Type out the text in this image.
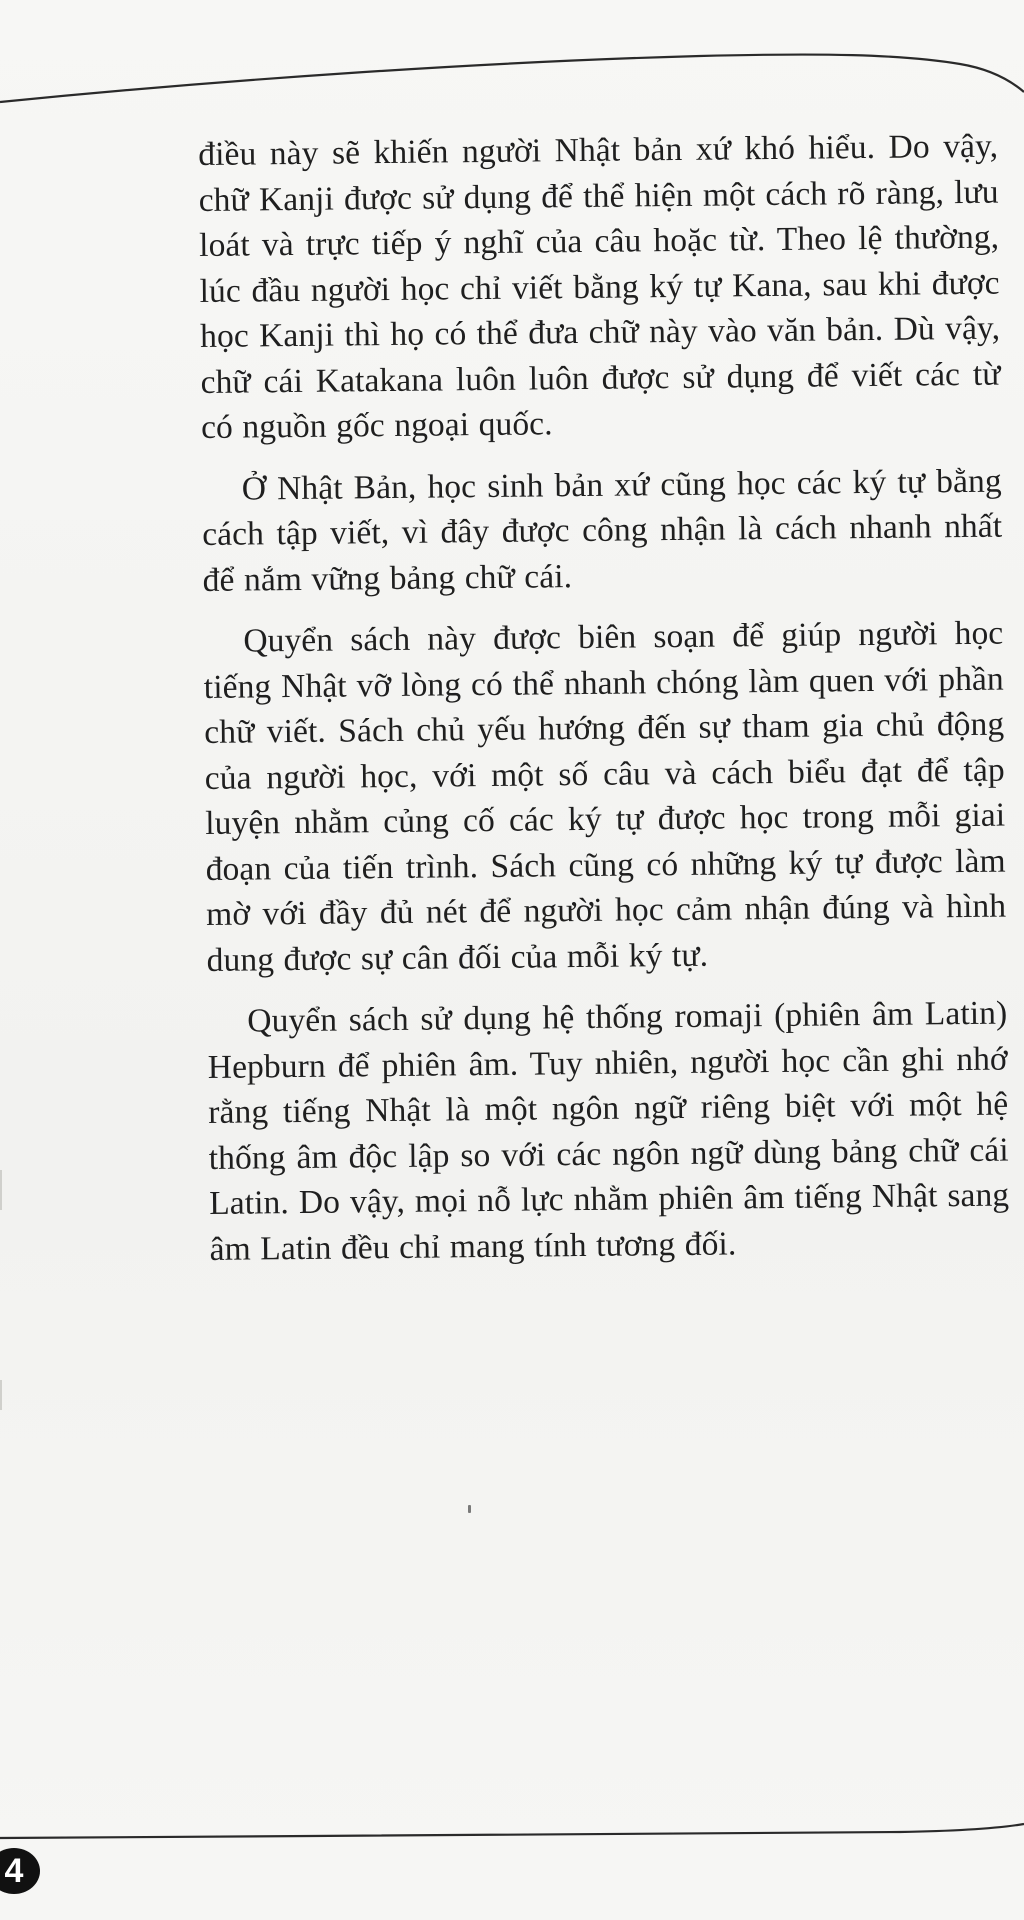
điều này sẽ khiến người Nhật bản xứ khó hiểu. Do vậy, chữ Kanji được sử dụng để thể hiện một cách rõ ràng, lưu loát và trực tiếp ý nghĩ của câu hoặc từ. Theo lệ thường, lúc đầu người học chỉ viết bằng ký tự Kana, sau khi được học Kanji thì họ có thể đưa chữ này vào văn bản. Dù vậy, chữ cái Katakana luôn luôn được sử dụng để viết các từ có nguồn gốc ngoại quốc.

Ở Nhật Bản, học sinh bản xứ cũng học các ký tự bằng cách tập viết, vì đây được công nhận là cách nhanh nhất để nắm vững bảng chữ cái.

Quyển sách này được biên soạn để giúp người học tiếng Nhật vỡ lòng có thể nhanh chóng làm quen với phần chữ viết. Sách chủ yếu hướng đến sự tham gia chủ động của người học, với một số câu và cách biểu đạt để tập luyện nhằm củng cố các ký tự được học trong mỗi giai đoạn của tiến trình. Sách cũng có những ký tự được làm mờ với đầy đủ nét để người học cảm nhận đúng và hình dung được sự cân đối của mỗi ký tự.

Quyển sách sử dụng hệ thống romaji (phiên âm Latin) Hepburn để phiên âm. Tuy nhiên, người học cần ghi nhớ rằng tiếng Nhật là một ngôn ngữ riêng biệt với một hệ thống âm độc lập so với các ngôn ngữ dùng bảng chữ cái Latin. Do vậy, mọi nỗ lực nhằm phiên âm tiếng Nhật sang âm Latin đều chỉ mang tính tương đối.

4
